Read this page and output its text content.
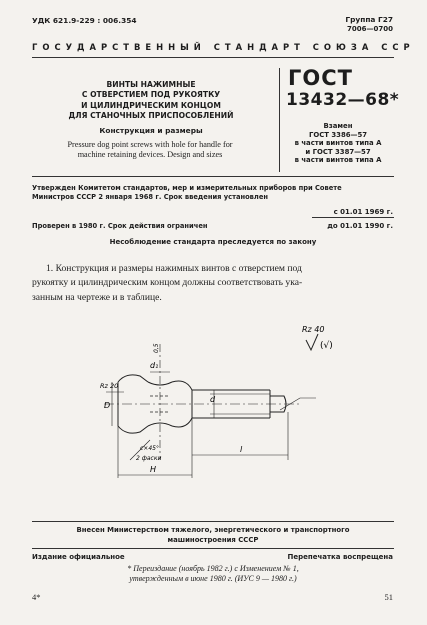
УДК 621.9-229 : 006.354	Группа Г27
7006—0700
ГОСУДАРСТВЕННЫЙ СТАНДАРТ СОЮЗА ССР
ВИНТЫ НАЖИМНЫЕ
С ОТВЕРСТИЕМ ПОД РУКОЯТКУ
И ЦИЛИНДРИЧЕСКИМ КОНЦОМ
ДЛЯ СТАНОЧНЫХ ПРИСПОСОБЛЕНИЙ
Конструкция и размеры
Pressure dog point screws with hole for handle for
machine retaining devices. Design and sizes
ГОСТ
13432—68*
Взамен
ГОСТ 3386—57
в части винтов типа А
и ГОСТ 3387—57
в части винтов типа А
Утвержден Комитетом стандартов, мер и измерительных приборов при Совете
Министров СССР 2 января 1968 г. Срок введения установлен
с 01.01 1969 г.
Проверен в 1980 г. Срок действия ограничен	до 01.01 1990 г.
Несоблюдение стандарта преследуется по закону
1. Конструкция и размеры нажимных винтов с отверстием под
рукоятку и цилиндрическим концом должны соответствовать ука-
занным на чертеже и в таблице.
Rz 40
(√)
Rz 20
d₁
0,5
d
D
c×45°
2 фаски
H
l
Внесен Министерством тяжелого, энергетического и транспортного
машиностроения СССР
Издание официальное	Перепечатка воспрещена
* Переиздание (ноябрь 1982 г.) с Изменением № 1,
утвержденным в июне 1980 г. (ИУС 9 — 1980 г.)
4*	51
